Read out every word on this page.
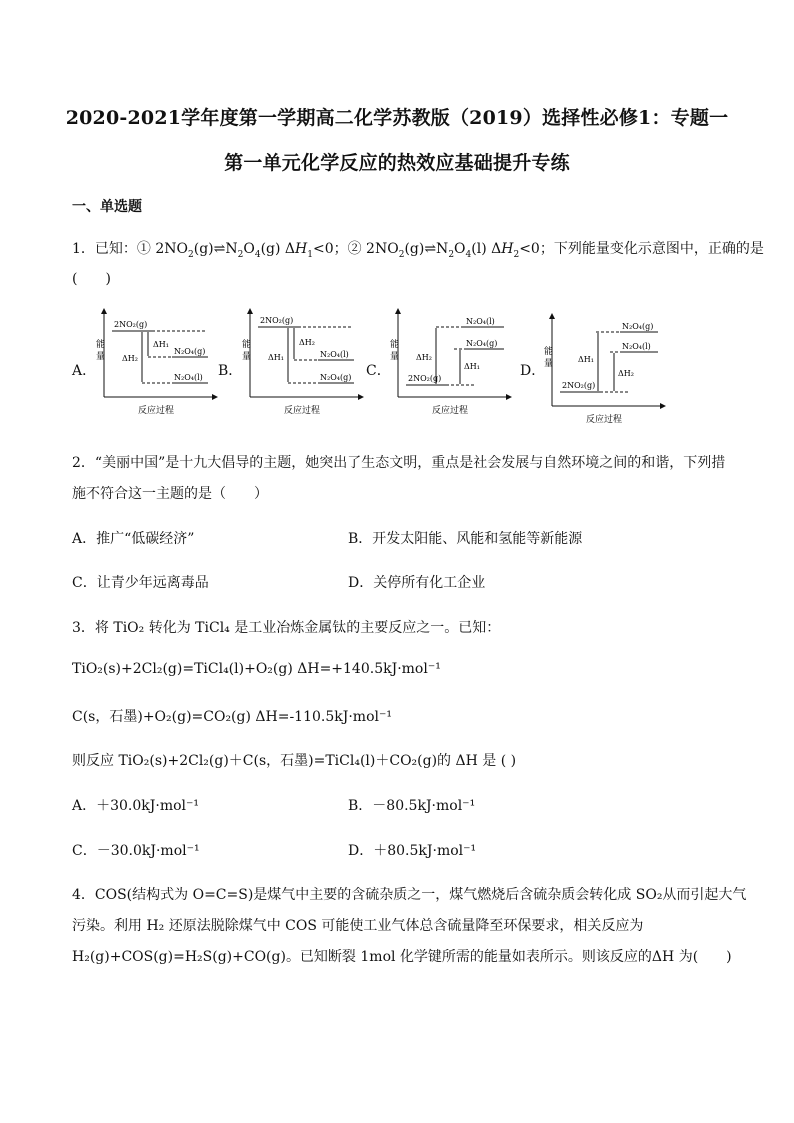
2020-2021学年度第一学期高二化学苏教版（2019）选择性必修1：专题一
第一单元化学反应的热效应基础提升专练
一、单选题
1．已知：① $2NO_2(g)\rightleftharpoons N_2O_4(g)$ $\Delta H_1<0$；② $2NO_2(g)\rightleftharpoons N_2O_4(l)$ $\Delta H_2<0$；下列能量变化示意图中，正确的是
(　　)
A．	B．	C．	D．
能
量
反应过程
2NO₂(g)
N₂O₄(g)
N₂O₄(l)
ΔH₁
ΔH₂
能
量
反应过程
2NO₂(g)
N₂O₄(l)
N₂O₄(g)
ΔH₂
ΔH₁
能
量
反应过程
2NO₂(g)
N₂O₄(l)
N₂O₄(g)
ΔH₂
ΔH₁
能
量
反应过程
2NO₂(g)
N₂O₄(g)
N₂O₄(l)
ΔH₁
ΔH₂
2．“美丽中国”是十九大倡导的主题，她突出了生态文明，重点是社会发展与自然环境之间的和谐，下列措
施不符合这一主题的是（　　）
A．推广“低碳经济”	B．开发太阳能、风能和氢能等新能源
C．让青少年远离毒品	D．关停所有化工企业
3．将 TiO₂ 转化为 TiCl₄ 是工业冶炼金属钛的主要反应之一。已知：
TiO₂(s)+2Cl₂(g)=TiCl₄(l)+O₂(g) ΔH=+140.5kJ·mol⁻¹
C(s，石墨)+O₂(g)=CO₂(g) ΔH=-110.5kJ·mol⁻¹
则反应 TiO₂(s)+2Cl₂(g)＋C(s，石墨)=TiCl₄(l)＋CO₂(g)的 ΔH 是 ( )
A．＋30.0kJ·mol⁻¹	B．－80.5kJ·mol⁻¹
C．－30.0kJ·mol⁻¹	D．＋80.5kJ·mol⁻¹
4．COS(结构式为 O=C=S)是煤气中主要的含硫杂质之一，煤气燃烧后含硫杂质会转化成 SO₂从而引起大气
污染。利用 H₂ 还原法脱除煤气中 COS 可能使工业气体总含硫量降至环保要求，相关反应为
H₂(g)+COS(g)=H₂S(g)+CO(g)。已知断裂 1mol 化学键所需的能量如表所示。则该反应的ΔH 为(　　)
